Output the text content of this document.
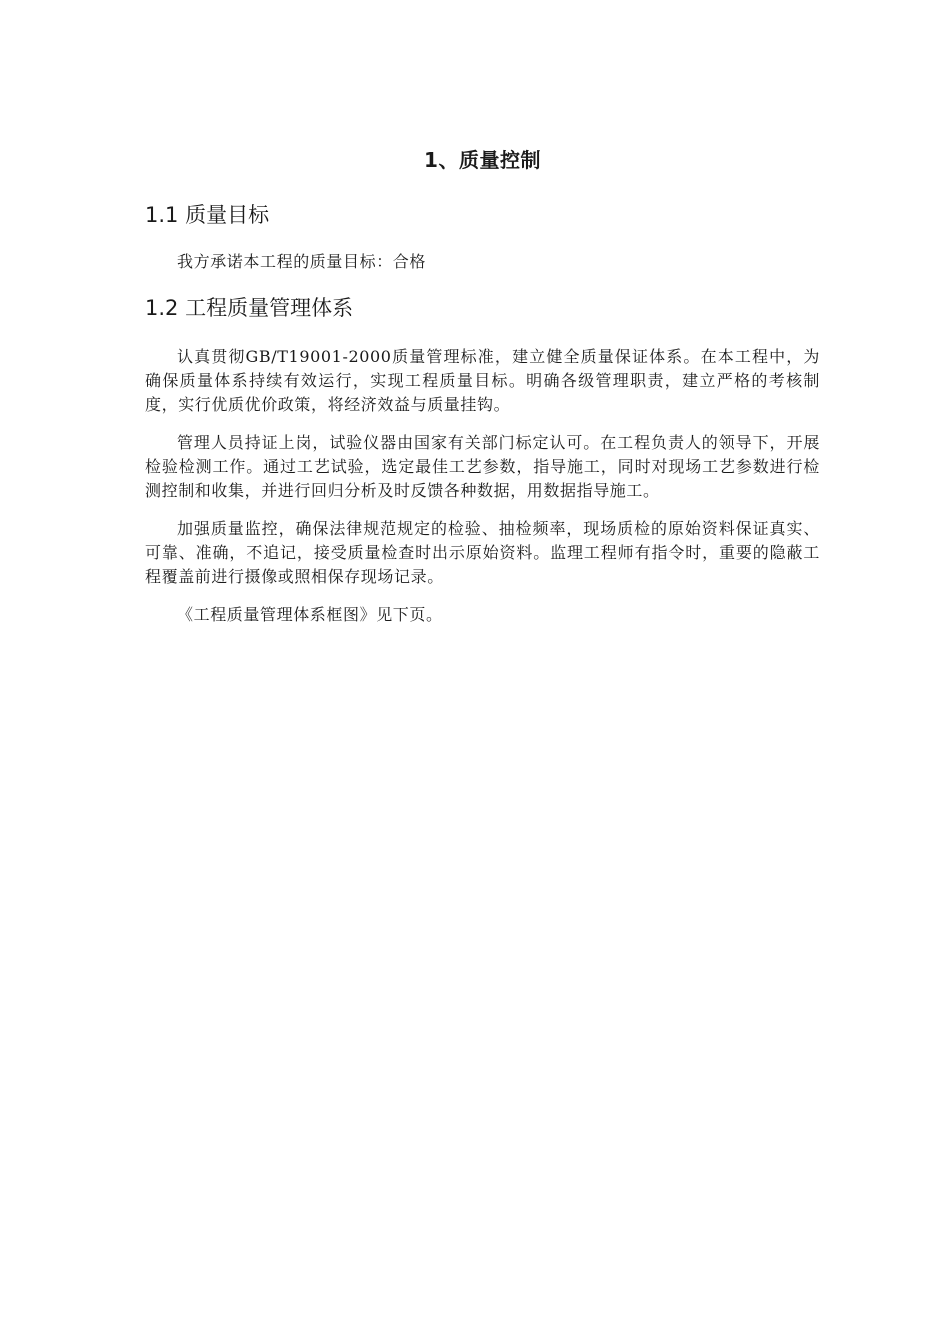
1、质量控制
1.1 质量目标

我方承诺本工程的质量目标：合格

1.2 工程质量管理体系

认真贯彻GB/T19001-2000质量管理标准，建立健全质量保证体系。在本工程中，为确保质量体系持续有效运行，实现工程质量目标。明确各级管理职责，建立严格的考核制度，实行优质优价政策，将经济效益与质量挂钩。

管理人员持证上岗，试验仪器由国家有关部门标定认可。在工程负责人的领导下，开展检验检测工作。通过工艺试验，选定最佳工艺参数，指导施工，同时对现场工艺参数进行检测控制和收集，并进行回归分析及时反馈各种数据，用数据指导施工。

加强质量监控，确保法律规范规定的检验、抽检频率，现场质检的原始资料保证真实、可靠、准确，不追记，接受质量检查时出示原始资料。监理工程师有指令时，重要的隐蔽工程覆盖前进行摄像或照相保存现场记录。

《工程质量管理体系框图》见下页。
